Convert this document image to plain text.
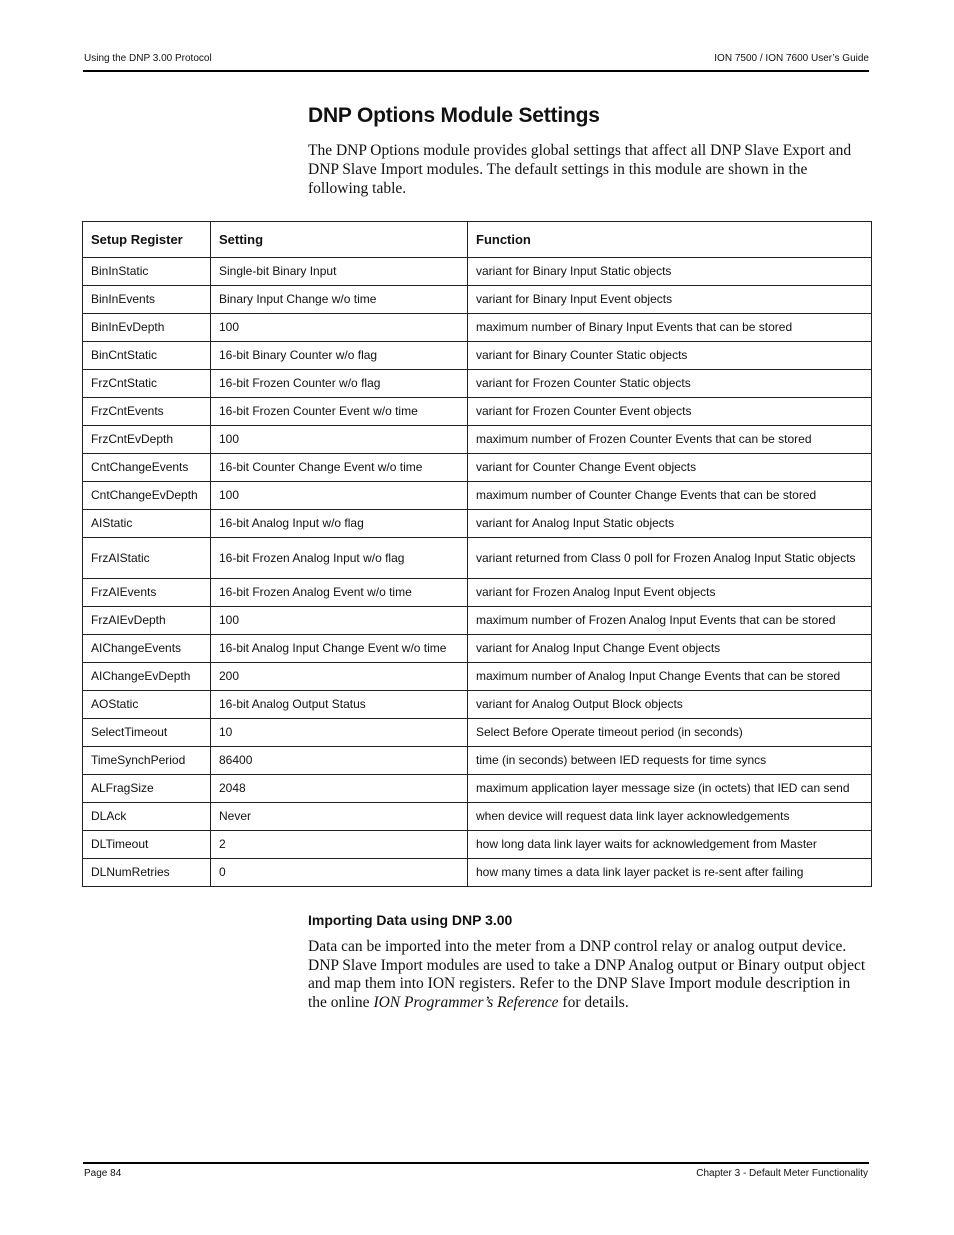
Using the DNP 3.00 Protocol	ION 7500 / ION 7600 User’s Guide
DNP Options Module Settings

The DNP Options module provides global settings that affect all DNP Slave Export and DNP Slave Import modules. The default settings in this module are shown in the following table.

Setup Register	Setting	Function
BinInStatic	Single-bit Binary Input	variant for Binary Input Static objects
BinInEvents	Binary Input Change w/o time	variant for Binary Input Event objects
BinInEvDepth	100	maximum number of Binary Input Events that can be stored
BinCntStatic	16-bit Binary Counter w/o flag	variant for Binary Counter Static objects
FrzCntStatic	16-bit Frozen Counter w/o flag	variant for Frozen Counter Static objects
FrzCntEvents	16-bit Frozen Counter Event w/o time	variant for Frozen Counter Event objects
FrzCntEvDepth	100	maximum number of Frozen Counter Events that can be stored
CntChangeEvents	16-bit Counter Change Event w/o time	variant for Counter Change Event objects
CntChangeEvDepth	100	maximum number of Counter Change Events that can be stored
AIStatic	16-bit Analog Input w/o flag	variant for Analog Input Static objects
FrzAIStatic	16-bit Frozen Analog Input w/o flag	variant returned from Class 0 poll for Frozen Analog Input Static objects
FrzAIEvents	16-bit Frozen Analog Event w/o time	variant for Frozen Analog Input Event objects
FrzAIEvDepth	100	maximum number of Frozen Analog Input Events that can be stored
AIChangeEvents	16-bit Analog Input Change Event w/o time	variant for Analog Input Change Event objects
AIChangeEvDepth	200	maximum number of Analog Input Change Events that can be stored
AOStatic	16-bit Analog Output Status	variant for Analog Output Block objects
SelectTimeout	10	Select Before Operate timeout period (in seconds)
TimeSynchPeriod	86400	time (in seconds) between IED requests for time syncs
ALFragSize	2048	maximum application layer message size (in octets) that IED can send
DLAck	Never	when device will request data link layer acknowledgements
DLTimeout	2	how long data link layer waits for acknowledgement from Master
DLNumRetries	0	how many times a data link layer packet is re-sent after failing
Importing Data using DNP 3.00

Data can be imported into the meter from a DNP control relay or analog output device. DNP Slave Import modules are used to take a DNP Analog output or Binary output object and map them into ION registers. Refer to the DNP Slave Import module description in the online ION Programmer’s Reference for details.

Page 84	Chapter 3 - Default Meter Functionality
